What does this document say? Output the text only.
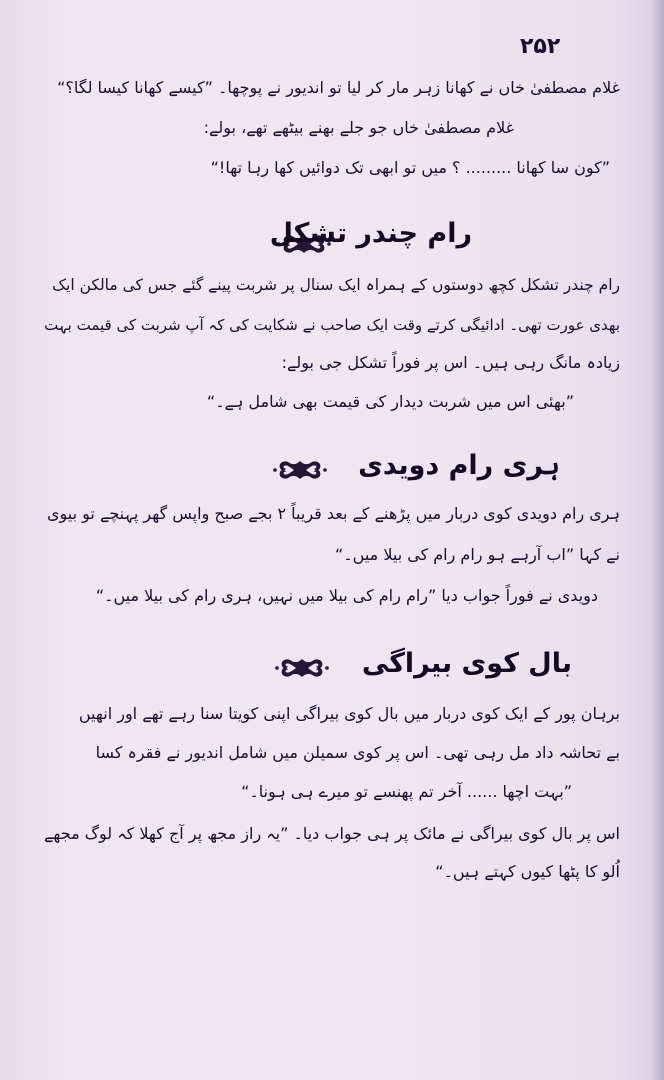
۲۵۲
غلام مصطفیٰ خاں نے کھانا زہر مار کر لیا تو اندیور نے پوچھا۔ ”کیسے کھانا کیسا لگا؟“
غلام مصطفیٰ خاں جو جلے بھنے بیٹھے تھے، بولے:
”کون سا کھانا ......... ؟ میں تو ابھی تک دوائیں کھا رہا تھا!“
رام چندر تشکل
رام چندر تشکل کچھ دوستوں کے ہمراہ ایک سنال پر شربت پینے گئے جس کی مالکن ایک
بھدی عورت تھی۔ ادائیگی کرتے وقت ایک صاحب نے شکایت کی کہ آپ شربت کی قیمت بہت
زیادہ مانگ رہی ہیں۔ اس پر فوراً تشکل جی بولے:
”بھئی اس میں شربت دیدار کی قیمت بھی شامل ہے۔“
ہری رام دویدی
ہری رام دویدی کوی دربار میں پڑھنے کے بعد قریباً ۲ بجے صبح واپس گھر پہنچے تو بیوی
نے کہا ”اب آرہے ہو رام رام کی بیلا میں۔“
دویدی نے فوراً جواب دیا ”رام رام کی بیلا میں نہیں، ہری رام کی بیلا میں۔“
بال کوی بیراگی
برہان پور کے ایک کوی دربار میں بال کوی بیراگی اپنی کویتا سنا رہے تھے اور انھیں
بے تحاشہ داد مل رہی تھی۔ اس پر کوی سمیلن میں شامل اندیور نے فقرہ کسا
”بہت اچھا ...... آخر تم پھنسے تو میرے ہی ہونا۔“
اس پر بال کوی بیراگی نے مائک پر ہی جواب دیا۔ ”یہ راز مجھ پر آج کھلا کہ لوگ مجھے
اُلو کا پٹھا کیوں کہتے ہیں۔“
